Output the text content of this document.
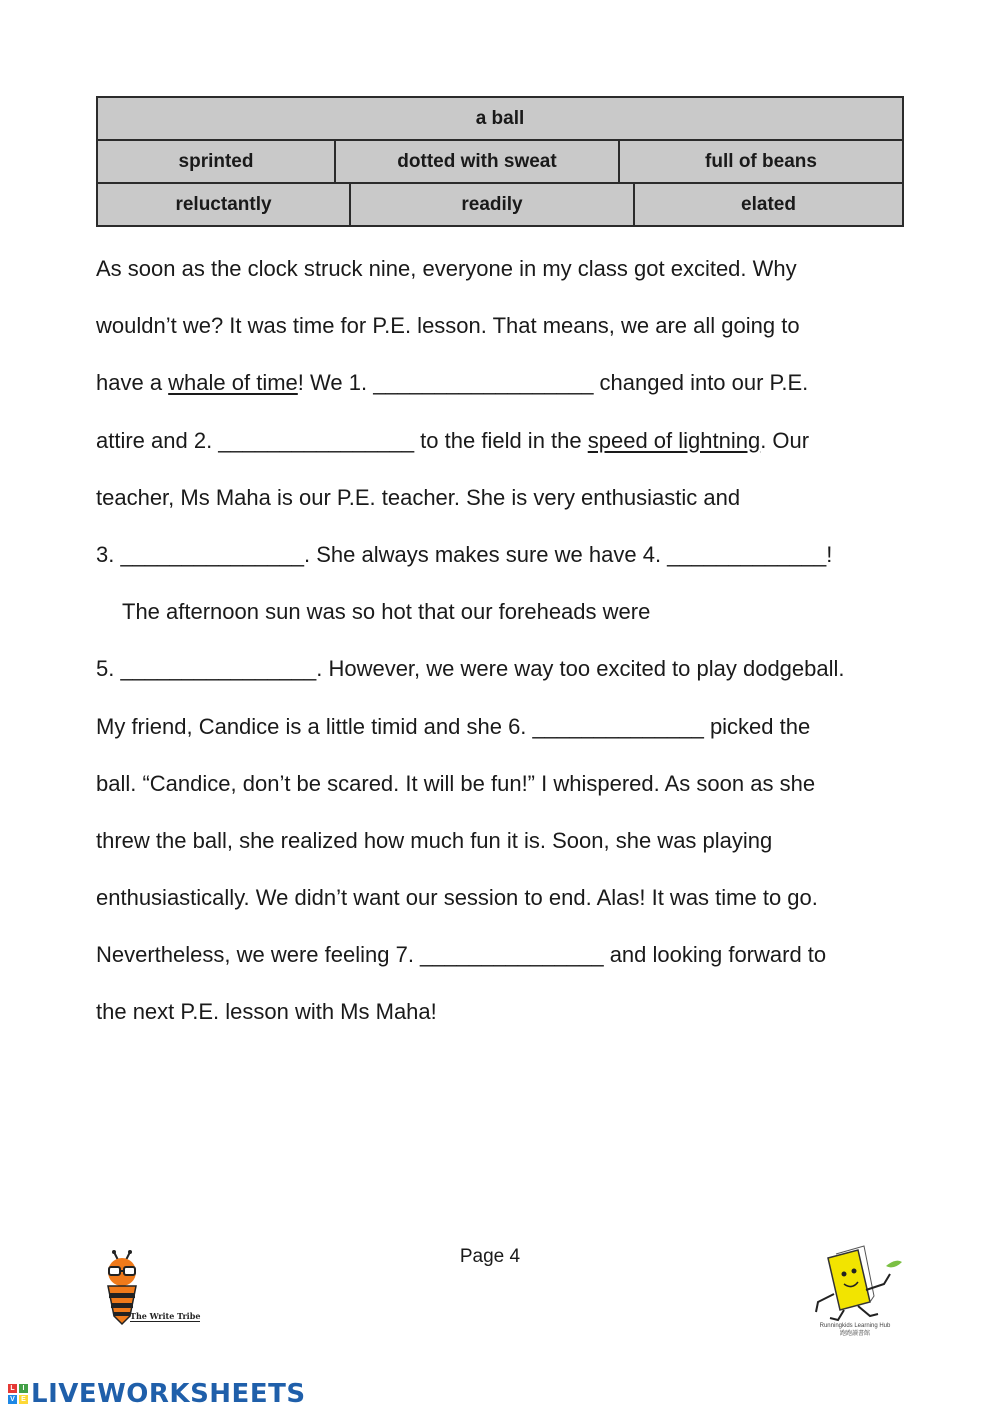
a ball
sprinted	dotted with sweat	full of beans
reluctantly	readily	elated
As soon as the clock struck nine, everyone in my class got excited. Why
wouldn’t we? It was time for P.E. lesson. That means, we are all going to
have a whale of time! We 1. __________________ changed into our P.E.
attire and 2. ________________ to the field in the speed of lightning. Our
teacher, Ms Maha is our P.E. teacher. She is very enthusiastic and
3. _______________. She always makes sure we have 4. _____________!
The afternoon sun was so hot that our foreheads were
5. ________________. However, we were way too excited to play dodgeball.
My friend, Candice is a little timid and she 6. ______________ picked the
ball. “Candice, don’t be scared. It will be fun!” I whispered. As soon as she
threw the ball, she realized how much fun it is. Soon, she was playing
enthusiastically. We didn’t want our session to end. Alas! It was time to go.
Nevertheless, we were feeling 7. _______________ and looking forward to
the next P.E. lesson with Ms Maha!
Page 4
The Write Tribe
Runningkids Learning Hub
跑跑讀書館
L	I
V E LIVEWORKSHEETS
